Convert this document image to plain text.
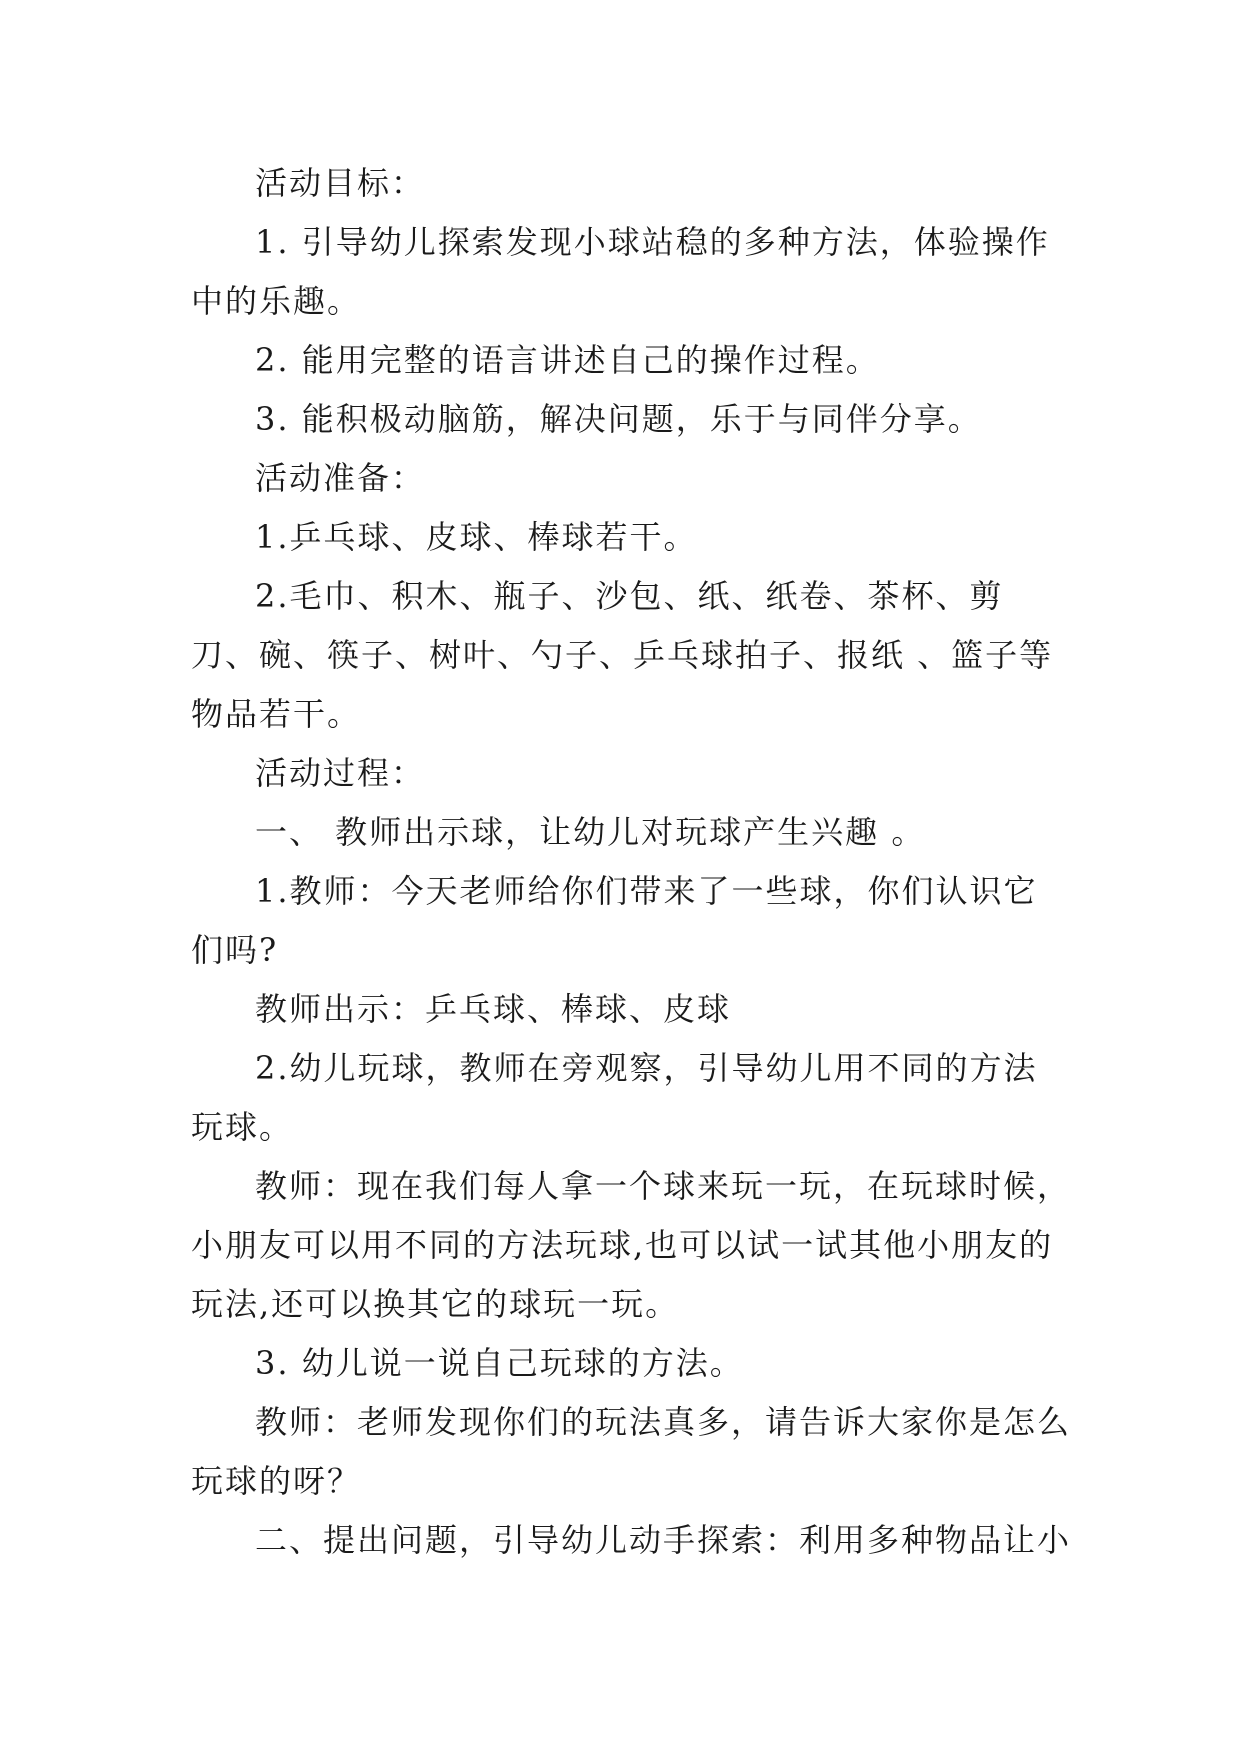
活动目标：

1. 引导幼儿探索发现小球站稳的多种方法，体验操作中的乐趣。

2. 能用完整的语言讲述自己的操作过程。

3. 能积极动脑筋，解决问题，乐于与同伴分享。

活动准备：

1.乒乓球、皮球、棒球若干。

2.毛巾、积木、瓶子、沙包、纸、纸卷、茶杯、剪刀、碗、筷子、树叶、勺子、乒乓球拍子、报纸 、篮子等物品若干。

活动过程：

一、 教师出示球，让幼儿对玩球产生兴趣 。

1.教师：今天老师给你们带来了一些球，你们认识它们吗?

教师出示：乒乓球、棒球、皮球

2.幼儿玩球，教师在旁观察，引导幼儿用不同的方法玩球。

教师：现在我们每人拿一个球来玩一玩，在玩球时候，小朋友可以用不同的方法玩球,也可以试一试其他小朋友的玩法,还可以换其它的球玩一玩。

3. 幼儿说一说自己玩球的方法。

教师：老师发现你们的玩法真多，请告诉大家你是怎么玩球的呀？

二、提出问题，引导幼儿动手探索：利用多种物品让小
